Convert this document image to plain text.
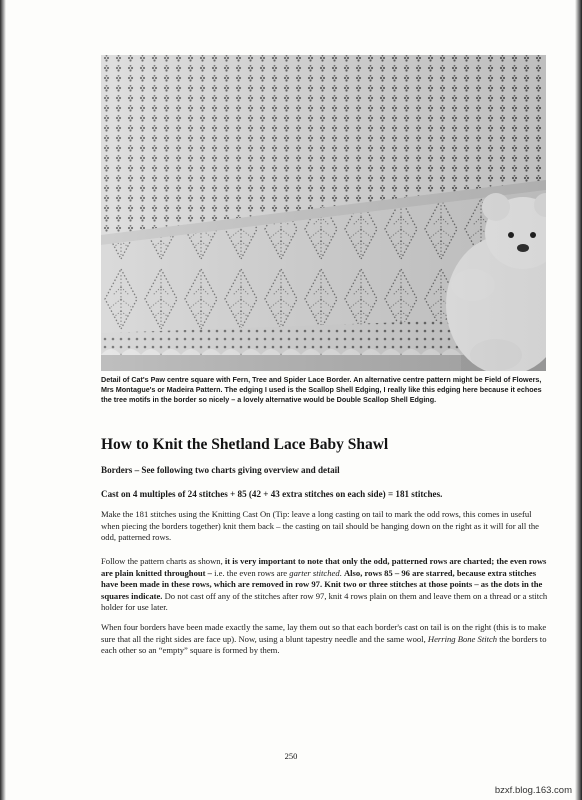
Detail of Cat's Paw centre square with Fern, Tree and Spider Lace Border. An alternative centre pattern might be Field of Flowers, Mrs Montague's or Madeira Pattern. The edging I used is the Scallop Shell Edging, I really like this edging here because it echoes the tree motifs in the border so nicely – a lovely alternative would be Double Scallop Shell Edging.
How to Knit the Shetland Lace Baby Shawl

Borders – See following two charts giving overview and detail

Cast on 4 multiples of 24 stitches + 85 (42 + 43 extra stitches on each side) = 181 stitches.

Make the 181 stitches using the Knitting Cast On (Tip: leave a long casting on tail to mark the odd rows, this comes in useful when piecing the borders together) knit them back – the casting on tail should be hanging down on the right as it will for all the odd, patterned rows.

Follow the pattern charts as shown, it is very important to note that only the odd, patterned rows are charted; the even rows are plain knitted throughout – i.e. the even rows are garter stitched. Also, rows 85 – 96 are starred, because extra stitches have been made in these rows, which are removed in row 97. Knit two or three stitches at those points – as the dots in the squares indicate. Do not cast off any of the stitches after row 97, knit 4 rows plain on them and leave them on a thread or a stitch holder for use later.

When four borders have been made exactly the same, lay them out so that each border's cast on tail is on the right (this is to make sure that all the right sides are face up). Now, using a blunt tapestry needle and the same wool, Herring Bone Stitch the borders to each other so an “empty” square is formed by them.

250
bzxf.blog.163.com
